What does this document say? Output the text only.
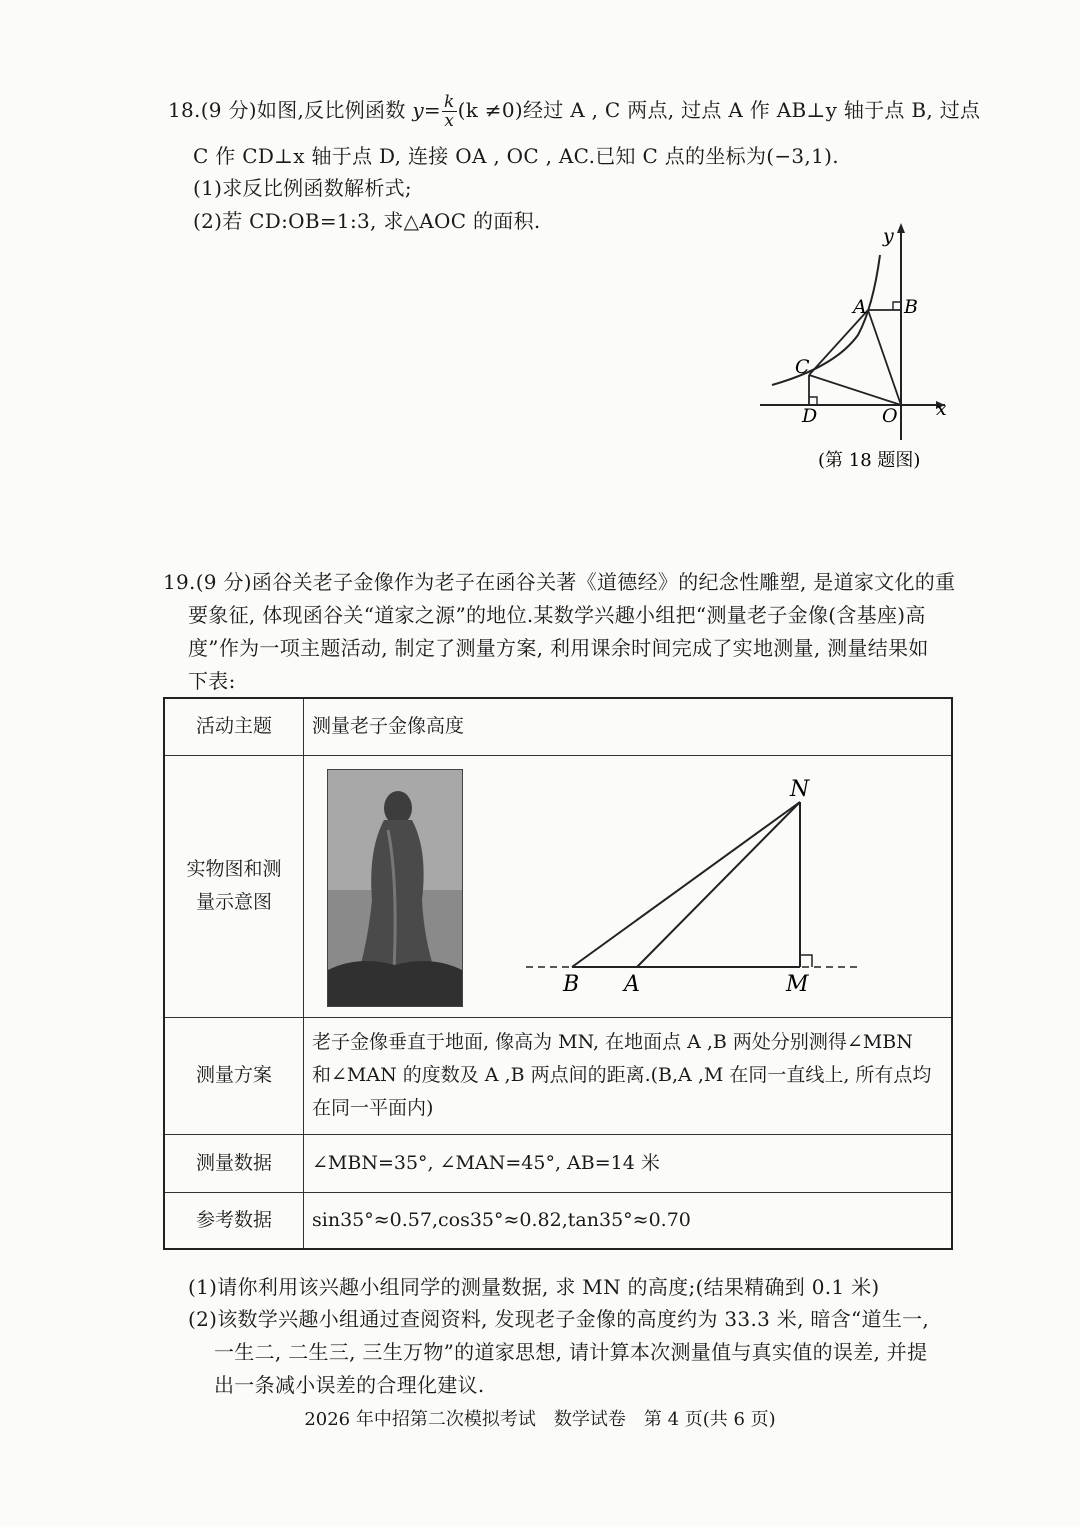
18.(9 分)如图,反比例函数 $y= \frac{k}{x} (k \ne 0)$经过 A , C 两点, 过点 A 作 AB⊥y 轴于点 B, 过点
C 作 CD⊥x 轴于点 D, 连接 OA , OC , AC.已知 C 点的坐标为(−3,1).
(1)求反比例函数解析式;
(2)若 CD:OB=1:3, 求△AOC 的面积.
y
x
A B
C
D	O
(第 18 题图)
19.(9 分)函谷关老子金像作为老子在函谷关著《道德经》的纪念性雕塑, 是道家文化的重
要象征, 体现函谷关“道家之源”的地位.某数学兴趣小组把“测量老子金像(含基座)高
度”作为一项主题活动, 制定了测量方案, 利用课余时间完成了实地测量, 测量结果如
下表:
活动主题	测量老子金像高度

实物图和测
量示意图	

测量方案	老子金像垂直于地面, 像高为 MN, 在地面点 A ,B 两处分别测得∠MBN
和∠MAN 的度数及 A ,B 两点间的距离.(B,A ,M 在同一直线上, 所有点均
在同一平面内)

测量数据	∠MBN=35°, ∠MAN=45°, AB=14 米
参考数据	sin35°≈0.57,cos35°≈0.82,tan35°≈0.70
N
B A	M
(1)请你利用该兴趣小组同学的测量数据, 求 MN 的高度;(结果精确到 0.1 米)
(2)该数学兴趣小组通过查阅资料, 发现老子金像的高度约为 33.3 米, 暗含“道生一,
一生二, 二生三, 三生万物”的道家思想, 请计算本次测量值与真实值的误差, 并提
出一条减小误差的合理化建议.
2026 年中招第二次模拟考试　数学试卷　第 4 页(共 6 页)
